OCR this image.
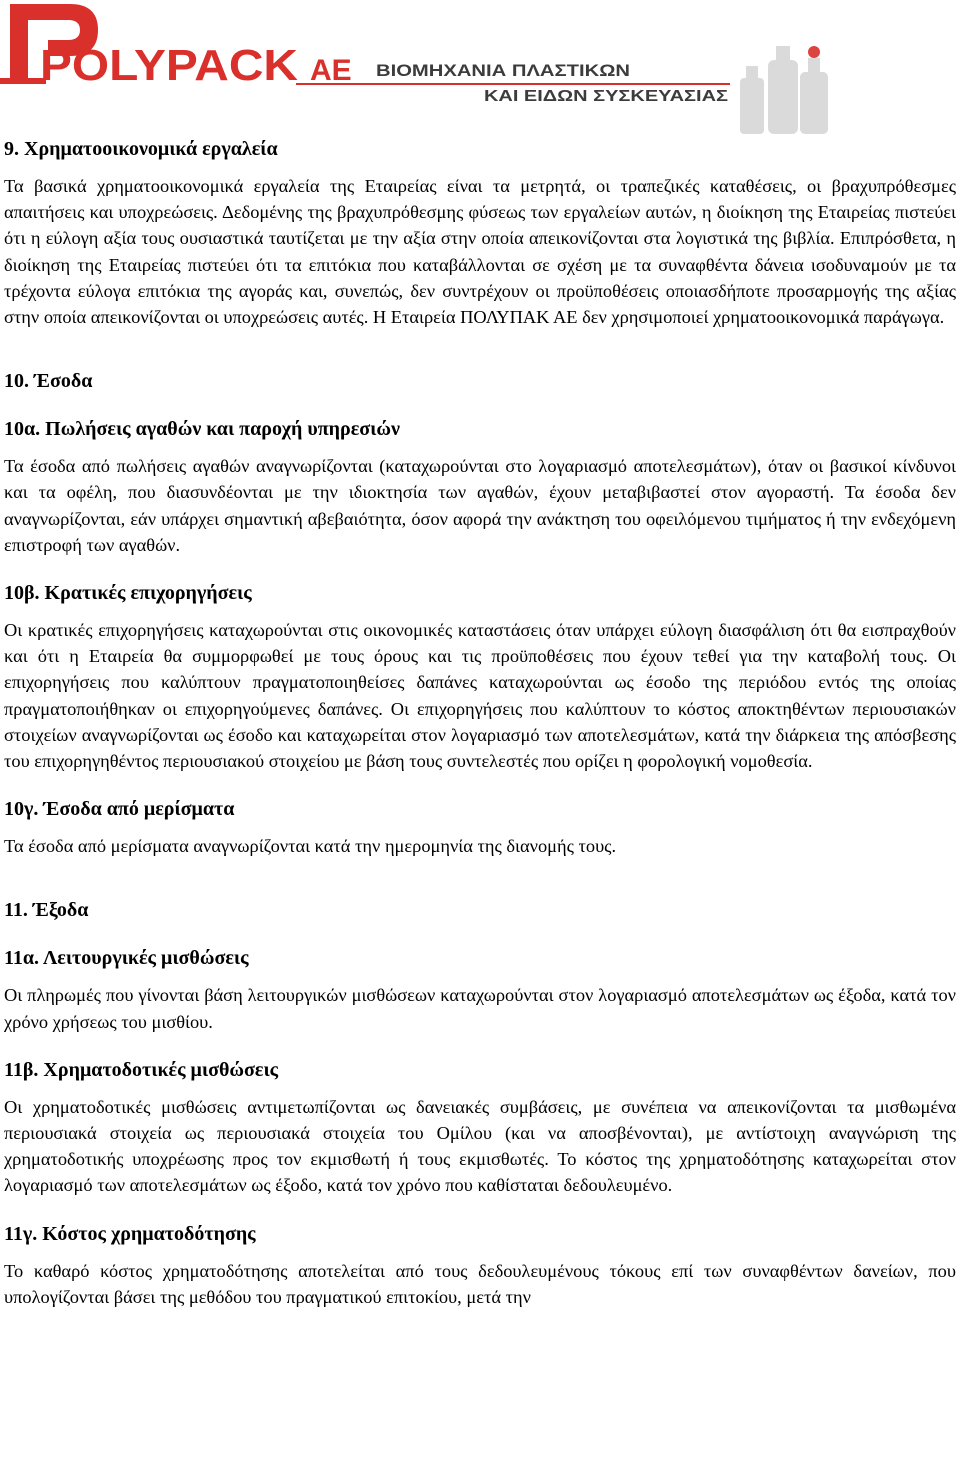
POLYPACK ΑΕ ΒΙΟΜΗΧΑΝΙΑ ΠΛΑΣΤΙΚΩΝ
ΚΑΙ ΕΙΔΩΝ ΣΥΣΚΕΥΑΣΙΑΣ

9. Χρηματοοικονομικά εργαλεία

Τα βασικά χρηματοοικονομικά εργαλεία της Εταιρείας είναι τα μετρητά, οι τραπεζικές καταθέσεις, οι βραχυπρόθεσμες απαιτήσεις και υποχρεώσεις. Δεδομένης της βραχυπρόθεσμης φύσεως των εργαλείων αυτών, η διοίκηση της Εταιρείας πιστεύει ότι η εύλογη αξία τους ουσιαστικά ταυτίζεται με την αξία στην οποία απεικονίζονται στα λογιστικά της βιβλία. Επιπρόσθετα, η διοίκηση της Εταιρείας πιστεύει ότι τα επιτόκια που καταβάλλονται σε σχέση με τα συναφθέντα δάνεια ισοδυναμούν με τα τρέχοντα εύλογα επιτόκια της αγοράς και, συνεπώς, δεν συντρέχουν οι προϋποθέσεις οποιασδήποτε προσαρμογής της αξίας στην οποία απεικονίζονται οι υποχρεώσεις αυτές. Η Εταιρεία ΠΟΛΥΠΑΚ ΑΕ δεν χρησιμοποιεί χρηματοοικονομικά παράγωγα.

10. Έσοδα

10α. Πωλήσεις αγαθών και παροχή υπηρεσιών

Τα έσοδα από πωλήσεις αγαθών αναγνωρίζονται (καταχωρούνται στο λογαριασμό αποτελεσμάτων), όταν οι βασικοί κίνδυνοι και τα οφέλη, που διασυνδέονται με την ιδιοκτησία των αγαθών, έχουν μεταβιβαστεί στον αγοραστή. Τα έσοδα δεν αναγνωρίζονται, εάν υπάρχει σημαντική αβεβαιότητα, όσον αφορά την ανάκτηση του οφειλόμενου τιμήματος ή την ενδεχόμενη επιστροφή των αγαθών.

10β. Κρατικές επιχορηγήσεις

Οι κρατικές επιχορηγήσεις καταχωρούνται στις οικονομικές καταστάσεις όταν υπάρχει εύλογη διασφάλιση ότι θα εισπραχθούν και ότι η Εταιρεία θα συμμορφωθεί με τους όρους και τις προϋποθέσεις που έχουν τεθεί για την καταβολή τους. Οι επιχορηγήσεις που καλύπτουν πραγματοποιηθείσες δαπάνες καταχωρούνται ως έσοδο της περιόδου εντός της οποίας πραγματοποιήθηκαν οι επιχορηγούμενες δαπάνες. Οι επιχορηγήσεις που καλύπτουν το κόστος αποκτηθέντων περιουσιακών στοιχείων αναγνωρίζονται ως έσοδο και καταχωρείται στον λογαριασμό των αποτελεσμάτων, κατά την διάρκεια της απόσβεσης του επιχορηγηθέντος περιουσιακού στοιχείου με βάση τους συντελεστές που ορίζει η φορολογική νομοθεσία.

10γ. Έσοδα από μερίσματα

Τα έσοδα από μερίσματα αναγνωρίζονται κατά την ημερομηνία της διανομής τους.

11. Έξοδα

11α. Λειτουργικές μισθώσεις

Οι πληρωμές που γίνονται βάση λειτουργικών μισθώσεων καταχωρούνται στον λογαριασμό αποτελεσμάτων ως έξοδα, κατά τον χρόνο χρήσεως του μισθίου.

11β. Χρηματοδοτικές μισθώσεις

Οι χρηματοδοτικές μισθώσεις αντιμετωπίζονται ως δανειακές συμβάσεις, με συνέπεια να απεικονίζονται τα μισθωμένα περιουσιακά στοιχεία ως περιουσιακά στοιχεία του Ομίλου (και να αποσβένονται), με αντίστοιχη αναγνώριση της χρηματοδοτικής υποχρέωσης προς τον εκμισθωτή ή τους εκμισθωτές. Το κόστος της χρηματοδότησης καταχωρείται στον λογαριασμό των αποτελεσμάτων ως έξοδο, κατά τον χρόνο που καθίσταται δεδουλευμένο.

11γ. Κόστος χρηματοδότησης

Το καθαρό κόστος χρηματοδότησης αποτελείται από τους δεδουλευμένους τόκους επί των συναφθέντων δανείων, που υπολογίζονται βάσει της μεθόδου του πραγματικού επιτοκίου, μετά την
